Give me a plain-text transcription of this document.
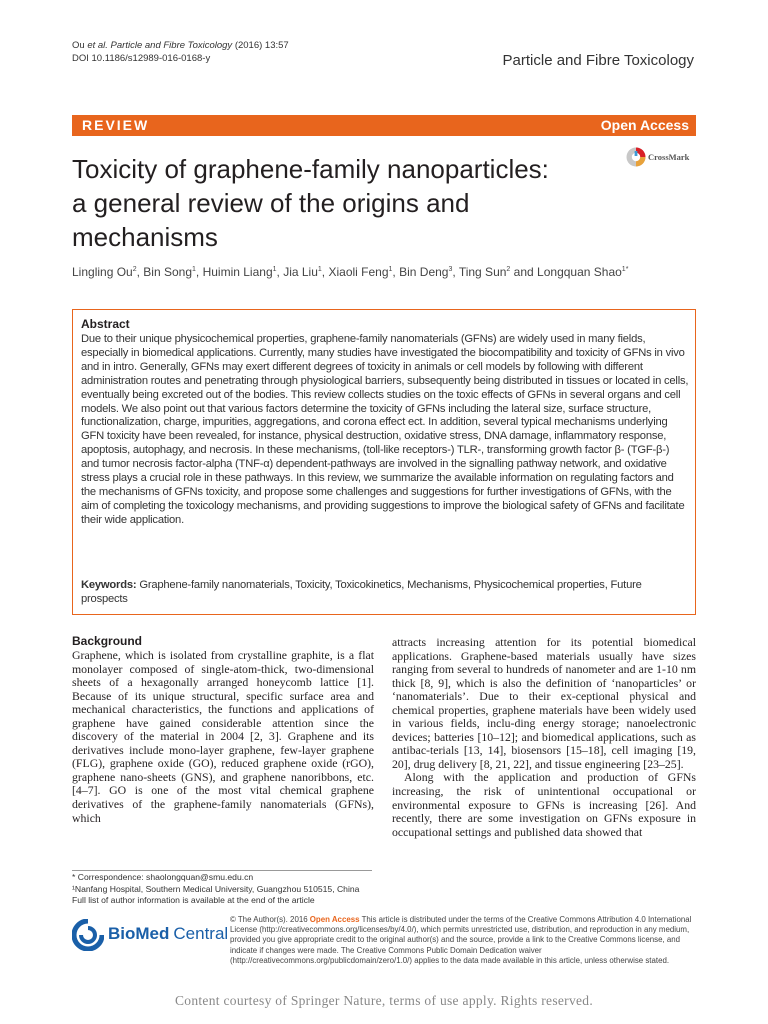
Ou et al. Particle and Fibre Toxicology (2016) 13:57
DOI 10.1186/s12989-016-0168-y	Particle and Fibre Toxicology
REVIEW	Open Access
CrossMark
Toxicity of graphene-family nanoparticles:
a general review of the origins and
mechanisms
Lingling Ou$^2$, Bin Song$^1$, Huimin Liang$^1$, Jia Liu$^1$, Xiaoli Feng$^1$, Bin Deng$^3$, Ting Sun$^2$ and Longquan Shao$^{1*}$
Abstract
Due to their unique physicochemical properties, graphene-family nanomaterials (GFNs) are widely used in many fields, especially in biomedical applications. Currently, many studies have investigated the biocompatibility and toxicity of GFNs in vivo and in intro. Generally, GFNs may exert different degrees of toxicity in animals or cell models by following with different administration routes and penetrating through physiological barriers, subsequently being distributed in tissues or located in cells, eventually being excreted out of the bodies. This review collects studies on the toxic effects of GFNs in several organs and cell models. We also point out that various factors determine the toxicity of GFNs including the lateral size, surface structure, functionalization, charge, impurities, aggregations, and corona effect ect. In addition, several typical mechanisms underlying GFN toxicity have been revealed, for instance, physical destruction, oxidative stress, DNA damage, inflammatory response, apoptosis, autophagy, and necrosis. In these mechanisms, (toll-like receptors-) TLR-, transforming growth factor β- (TGF-β-) and tumor necrosis factor-alpha (TNF-α) dependent-pathways are involved in the signalling pathway network, and oxidative stress plays a crucial role in these pathways. In this review, we summarize the available information on regulating factors and the mechanisms of GFNs toxicity, and propose some challenges and suggestions for further investigations of GFNs, with the aim of completing the toxicology mechanisms, and providing suggestions to improve the biological safety of GFNs and facilitate their wide application.
Keywords: Graphene-family nanomaterials, Toxicity, Toxicokinetics, Mechanisms, Physicochemical properties, Future prospects
Background

Graphene, which is isolated from crystalline graphite, is a flat monolayer composed of single-atom-thick, two-dimensional sheets of a hexagonally arranged honeycomb lattice [1]. Because of its unique structural, specific surface area and mechanical characteristics, the functions and applications of graphene have gained considerable attention since the discovery of the material in 2004 [2, 3]. Graphene and its derivatives include mono-layer graphene, few-layer graphene (FLG), graphene oxide (GO), reduced graphene oxide (rGO), graphene nano-sheets (GNS), and graphene nanoribbons, etc. [4–7]. GO is one of the most vital chemical graphene derivatives of the graphene-family nanomaterials (GFNs), which

attracts increasing attention for its potential biomedical applications. Graphene-based materials usually have sizes ranging from several to hundreds of nanometer and are 1-10 nm thick [8, 9], which is also the definition of ‘nanoparticles’ or ‘nanomaterials’. Due to their ex-ceptional physical and chemical properties, graphene materials have been widely used in various fields, inclu-ding energy storage; nanoelectronic devices; batteries [10–12]; and biomedical applications, such as antibac-terials [13, 14], biosensors [15–18], cell imaging [19, 20], drug delivery [8, 21, 22], and tissue engineering [23–25].

Along with the application and production of GFNs increasing, the risk of unintentional occupational or environmental exposure to GFNs is increasing [26]. And recently, there are some investigation on GFNs exposure in occupational settings and published data showed that

* Correspondence: shaolongquan@smu.edu.cn
¹Nanfang Hospital, Southern Medical University, Guangzhou 510515, China
Full list of author information is available at the end of the article
BioMed Central
© The Author(s). 2016 Open Access This article is distributed under the terms of the Creative Commons Attribution 4.0 International License (http://creativecommons.org/licenses/by/4.0/), which permits unrestricted use, distribution, and reproduction in any medium, provided you give appropriate credit to the original author(s) and the source, provide a link to the Creative Commons license, and indicate if changes were made. The Creative Commons Public Domain Dedication waiver (http://creativecommons.org/publicdomain/zero/1.0/) applies to the data made available in this article, unless otherwise stated.
Content courtesy of Springer Nature, terms of use apply. Rights reserved.
